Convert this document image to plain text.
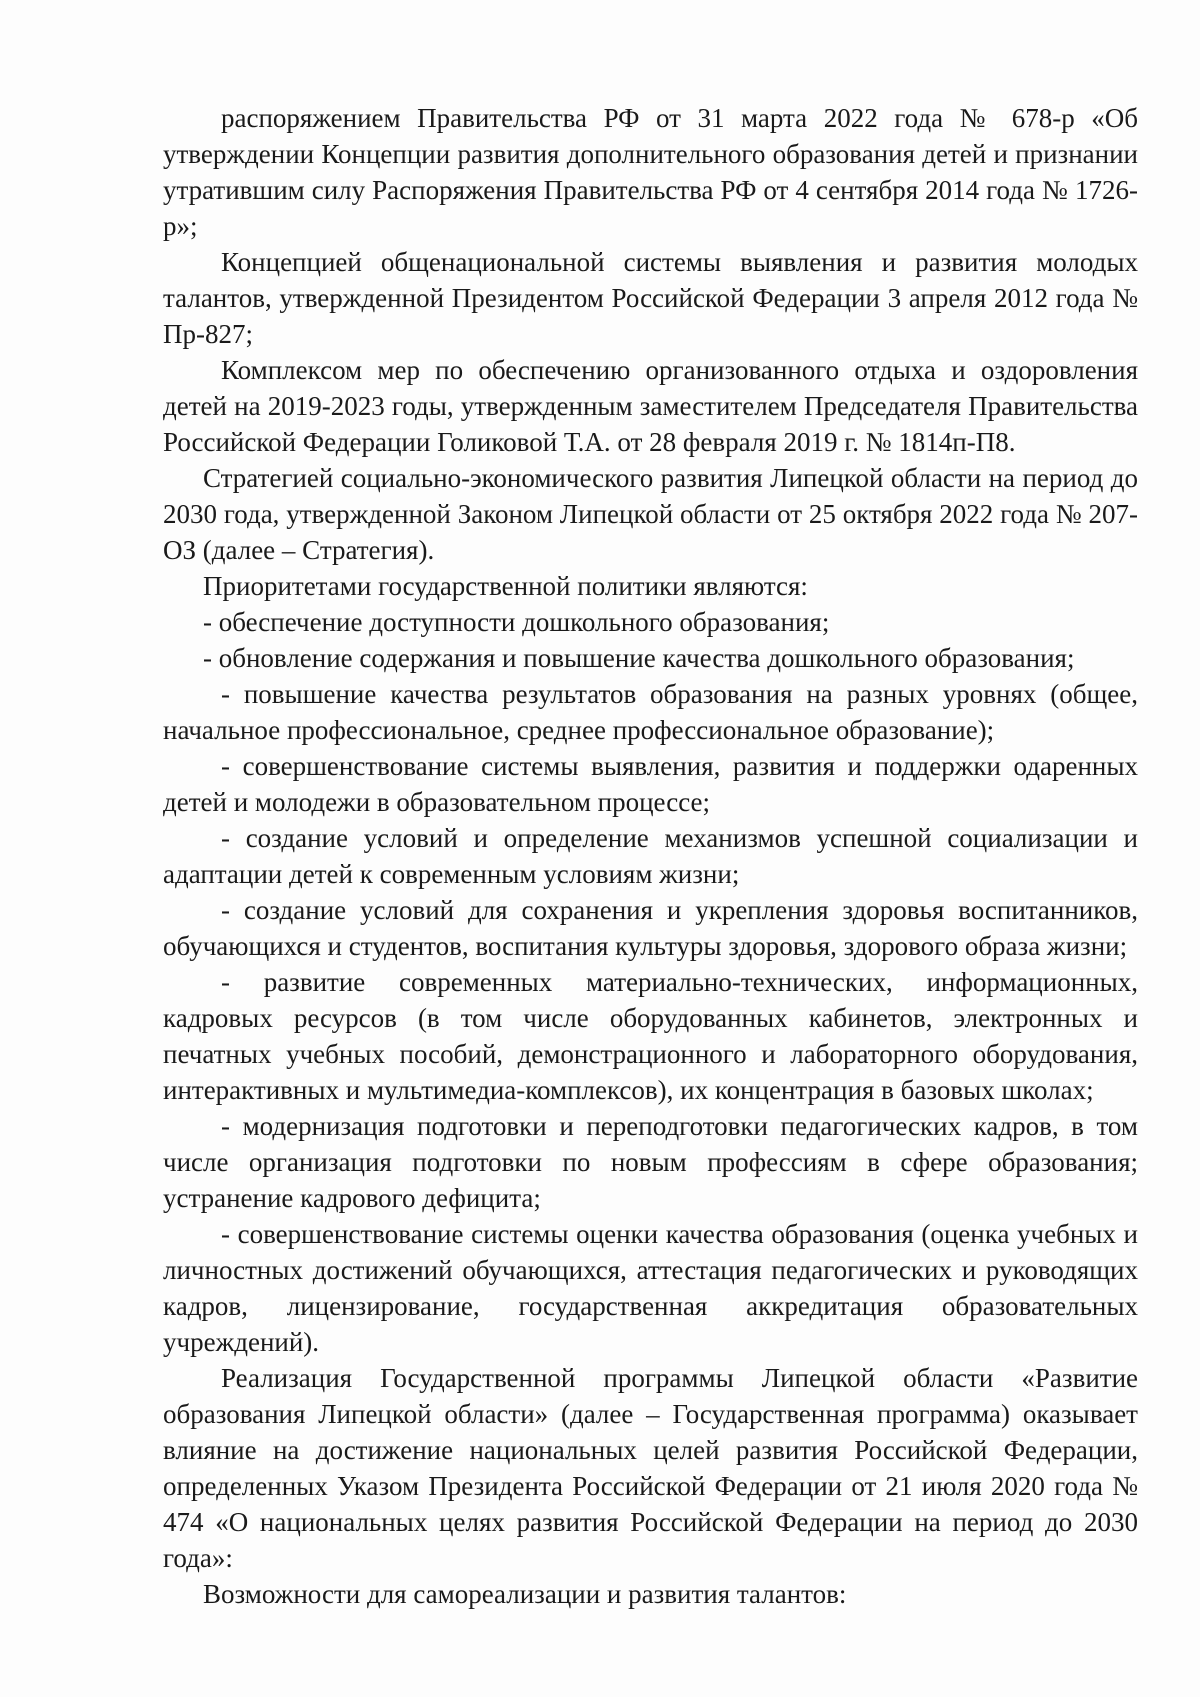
распоряжением Правительства РФ от 31 марта 2022 года № 678-р «Об утверждении Концепции развития дополнительного образования детей и признании утратившим силу Распоряжения Правительства РФ от 4 сентября 2014 года № 1726-р»;

Концепцией общенациональной системы выявления и развития молодых талантов, утвержденной Президентом Российской Федерации 3 апреля 2012 года № Пр-827;

Комплексом мер по обеспечению организованного отдыха и оздоровления детей на 2019-2023 годы, утвержденным заместителем Председателя Правительства Российской Федерации Голиковой Т.А. от 28 февраля 2019 г. № 1814п-П8.

Стратегией социально-экономического развития Липецкой области на период до 2030 года, утвержденной Законом Липецкой области от 25 октября 2022 года № 207-ОЗ (далее – Стратегия).

Приоритетами государственной политики являются:

- обеспечение доступности дошкольного образования;

- обновление содержания и повышение качества дошкольного образования;

- повышение качества результатов образования на разных уровнях (общее, начальное профессиональное, среднее профессиональное образование);

- совершенствование системы выявления, развития и поддержки одаренных детей и молодежи в образовательном процессе;

- создание условий и определение механизмов успешной социализации и адаптации детей к современным условиям жизни;

- создание условий для сохранения и укрепления здоровья воспитанников, обучающихся и студентов, воспитания культуры здоровья, здорового образа жизни;

- развитие современных материально-технических, информационных, кадровых ресурсов (в том числе оборудованных кабинетов, электронных и печатных учебных пособий, демонстрационного и лабораторного оборудования, интерактивных и мультимедиа-комплексов), их концентрация в базовых школах;

- модернизация подготовки и переподготовки педагогических кадров, в том числе организация подготовки по новым профессиям в сфере образования; устранение кадрового дефицита;

- совершенствование системы оценки качества образования (оценка учебных и личностных достижений обучающихся, аттестация педагогических и руководящих кадров, лицензирование, государственная аккредитация образовательных учреждений).

Реализация Государственной программы Липецкой области «Развитие образования Липецкой области» (далее – Государственная программа) оказывает влияние на достижение национальных целей развития Российской Федерации, определенных Указом Президента Российской Федерации от 21 июля 2020 года № 474 «О национальных целях развития Российской Федерации на период до 2030 года»:

Возможности для самореализации и развития талантов:
